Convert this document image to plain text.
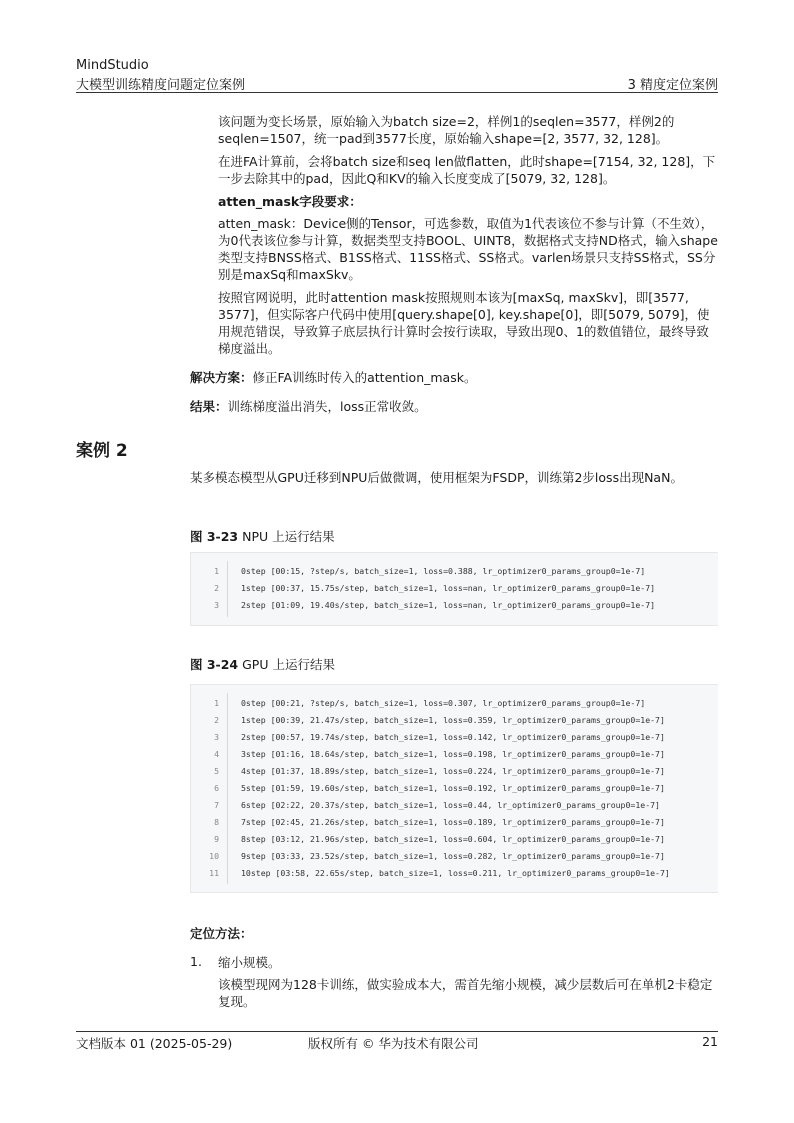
MindStudio
大模型训练精度问题定位案例	3 精度定位案例
该问题为变长场景，原始输入为batch size=2，样例1的seqlen=3577，样例2的seqlen=1507，统一pad到3577长度，原始输入shape=[2, 3577, 32, 128]。
在进FA计算前，会将batch size和seq len做flatten，此时shape=[7154, 32, 128]，下一步去除其中的pad，因此Q和KV的输入长度变成了[5079, 32, 128]。
atten_mask字段要求：
atten_mask：Device侧的Tensor，可选参数，取值为1代表该位不参与计算（不生效），为0代表该位参与计算，数据类型支持BOOL、UINT8，数据格式支持ND格式，输入shape类型支持BNSS格式、B1SS格式、11SS格式、SS格式。varlen场景只支持SS格式，SS分别是maxSq和maxSkv。
按照官网说明，此时attention mask按照规则本该为[maxSq, maxSkv]，即[3577, 3577]，但实际客户代码中使用[query.shape[0], key.shape[0]，即[5079, 5079]，使用规范错误，导致算子底层执行计算时会按行读取，导致出现0、1的数值错位，最终导致梯度溢出。
解决方案：修正FA训练时传入的attention_mask。
结果：训练梯度溢出消失，loss正常收敛。
案例 2
某多模态模型从GPU迁移到NPU后做微调，使用框架为FSDP，训练第2步loss出现NaN。
图 3-23 NPU 上运行结果
1	0step [00:15, ?step/s, batch_size=1, loss=0.388, lr_optimizer0_params_group0=1e-7]
2	1step [00:37, 15.75s/step, batch_size=1, loss=nan, lr_optimizer0_params_group0=1e-7]
3	2step [01:09, 19.40s/step, batch_size=1, loss=nan, lr_optimizer0_params_group0=1e-7]
图 3-24 GPU 上运行结果
1	0step [00:21, ?step/s, batch_size=1, loss=0.307, lr_optimizer0_params_group0=1e-7]
2	1step [00:39, 21.47s/step, batch_size=1, loss=0.359, lr_optimizer0_params_group0=1e-7]
3	2step [00:57, 19.74s/step, batch_size=1, loss=0.142, lr_optimizer0_params_group0=1e-7]
4	3step [01:16, 18.64s/step, batch_size=1, loss=0.198, lr_optimizer0_params_group0=1e-7]
5	4step [01:37, 18.89s/step, batch_size=1, loss=0.224, lr_optimizer0_params_group0=1e-7]
6	5step [01:59, 19.60s/step, batch_size=1, loss=0.192, lr_optimizer0_params_group0=1e-7]
7	6step [02:22, 20.37s/step, batch_size=1, loss=0.44, lr_optimizer0_params_group0=1e-7]
8	7step [02:45, 21.26s/step, batch_size=1, loss=0.189, lr_optimizer0_params_group0=1e-7]
9	8step [03:12, 21.96s/step, batch_size=1, loss=0.604, lr_optimizer0_params_group0=1e-7]
10	9step [03:33, 23.52s/step, batch_size=1, loss=0.282, lr_optimizer0_params_group0=1e-7]
11	10step [03:58, 22.65s/step, batch_size=1, loss=0.211, lr_optimizer0_params_group0=1e-7]
定位方法：
1. 缩小规模。
该模型现网为128卡训练，做实验成本大，需首先缩小规模，减少层数后可在单机2卡稳定复现。
文档版本 01 (2025-05-29)	版权所有 © 华为技术有限公司	21
